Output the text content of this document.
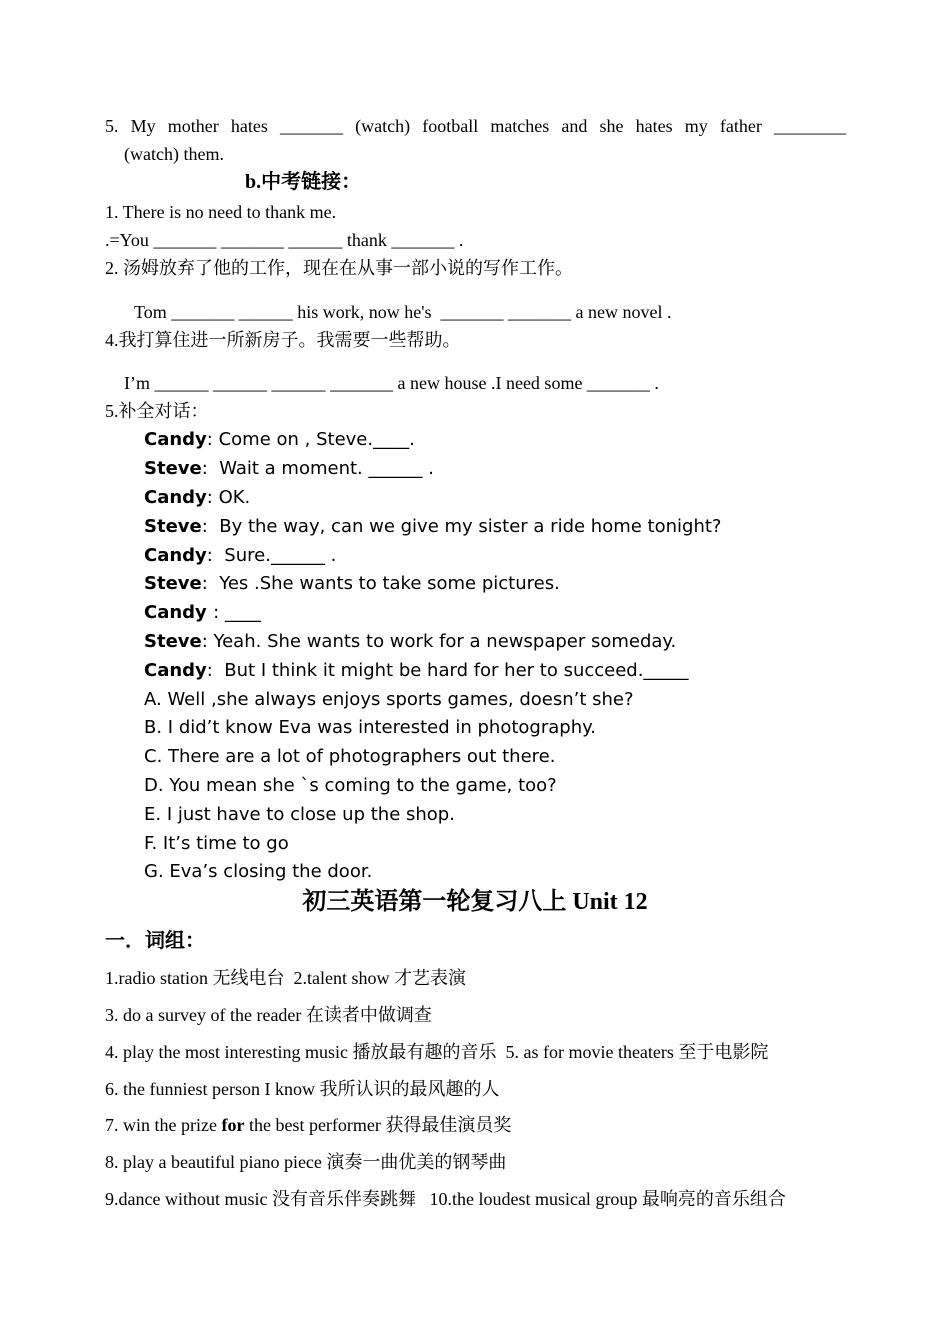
5. My mother hates _______ (watch) football matches and she hates my father ________
(watch) them.
b.中考链接：
1. There is no need to thank me.
.=You _______ _______ ______ thank _______ .
2. 汤姆放弃了他的工作，现在在从事一部小说的写作工作。
Tom _______ ______ his work, now he's  _______ _______ a new novel .
4.我打算住进一所新房子。我需要一些帮助。
I’m ______ ______ ______ _______ a new house .I need some _______ .
5.补全对话：
Candy: Come on , Steve.____.
Steve:  Wait a moment. ______ .
Candy: OK.
Steve:  By the way, can we give my sister a ride home tonight?
Candy:  Sure.______ .
Steve:  Yes .She wants to take some pictures.
Candy : ____
Steve: Yeah. She wants to work for a newspaper someday.
Candy:  But I think it might be hard for her to succeed._____
A. Well ,she always enjoys sports games, doesn’t she?
B. I did’t know Eva was interested in photography.
C. There are a lot of photographers out there.
D. You mean she `s coming to the game, too?
E. I just have to close up the shop.
F. It’s time to go
G. Eva’s closing the door.
初三英语第一轮复习八上 Unit 12
一．词组：
1.radio station 无线电台  2.talent show 才艺表演
3. do a survey of the reader 在读者中做调查
4. play the most interesting music 播放最有趣的音乐  5. as for movie theaters 至于电影院
6. the funniest person I know 我所认识的最风趣的人
7. win the prize for the best performer 获得最佳演员奖
8. play a beautiful piano piece 演奏一曲优美的钢琴曲
9.dance without music 没有音乐伴奏跳舞   10.the loudest musical group 最响亮的音乐组合
